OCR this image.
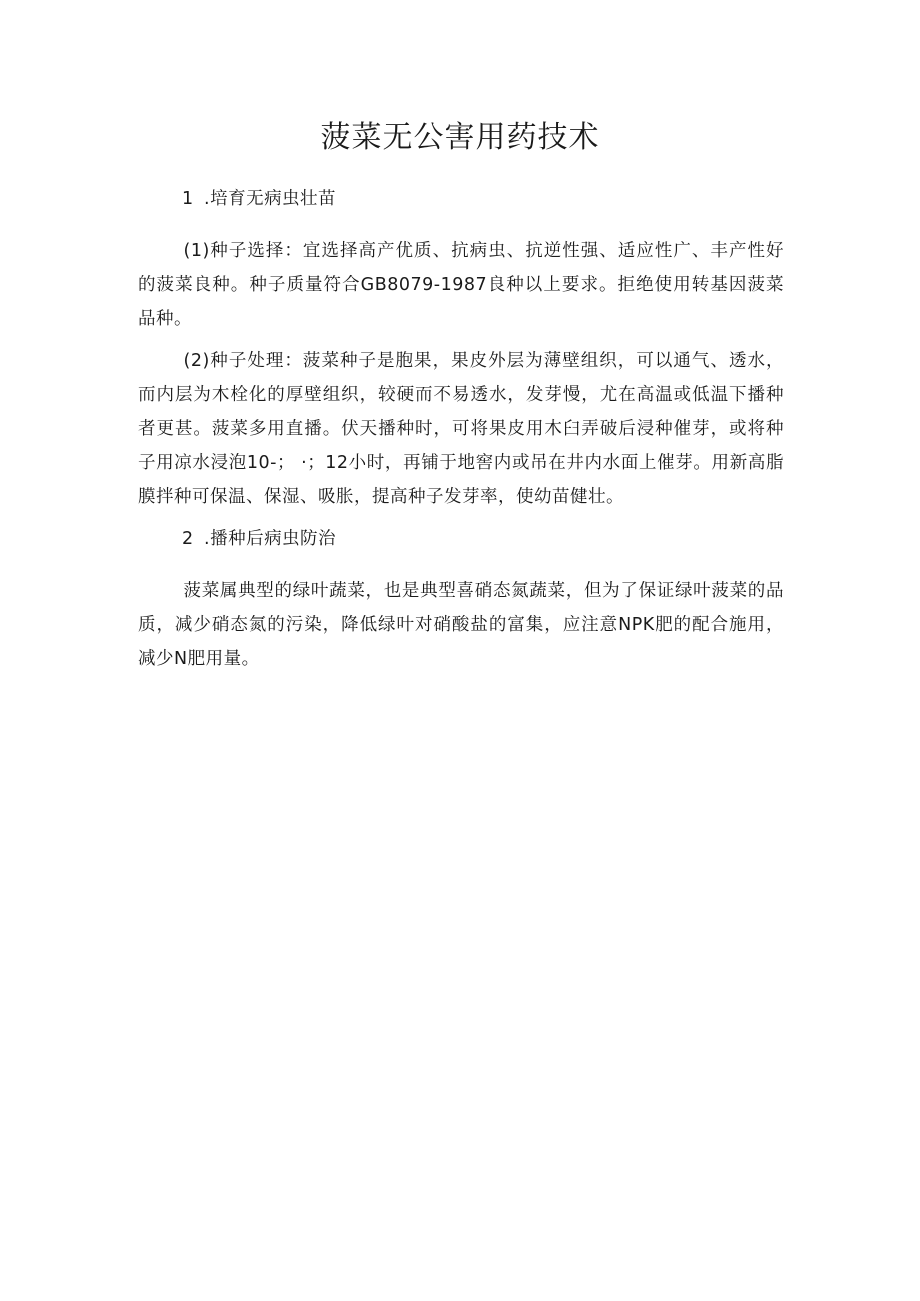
菠菜无公害用药技术

1 .培育无病虫壮苗

(1)种子选择：宜选择高产优质、抗病虫、抗逆性强、适应性广、丰产性好的菠菜良种。种子质量符合GB8079-1987良种以上要求。拒绝使用转基因菠菜品种。

(2)种子处理：菠菜种子是胞果，果皮外层为薄壁组织，可以通气、透水，而内层为木栓化的厚壁组织，较硬而不易透水，发芽慢，尤在高温或低温下播种者更甚。菠菜多用直播。伏天播种时，可将果皮用木臼弄破后浸种催芽，或将种子用凉水浸泡10-； ·；12小时，再铺于地窖内或吊在井内水面上催芽。用新高脂膜拌种可保温、保湿、吸胀，提高种子发芽率，使幼苗健壮。

2 .播种后病虫防治

菠菜属典型的绿叶蔬菜，也是典型喜硝态氮蔬菜，但为了保证绿叶菠菜的品质，减少硝态氮的污染，降低绿叶对硝酸盐的富集，应注意NPK肥的配合施用，减少N肥用量。
